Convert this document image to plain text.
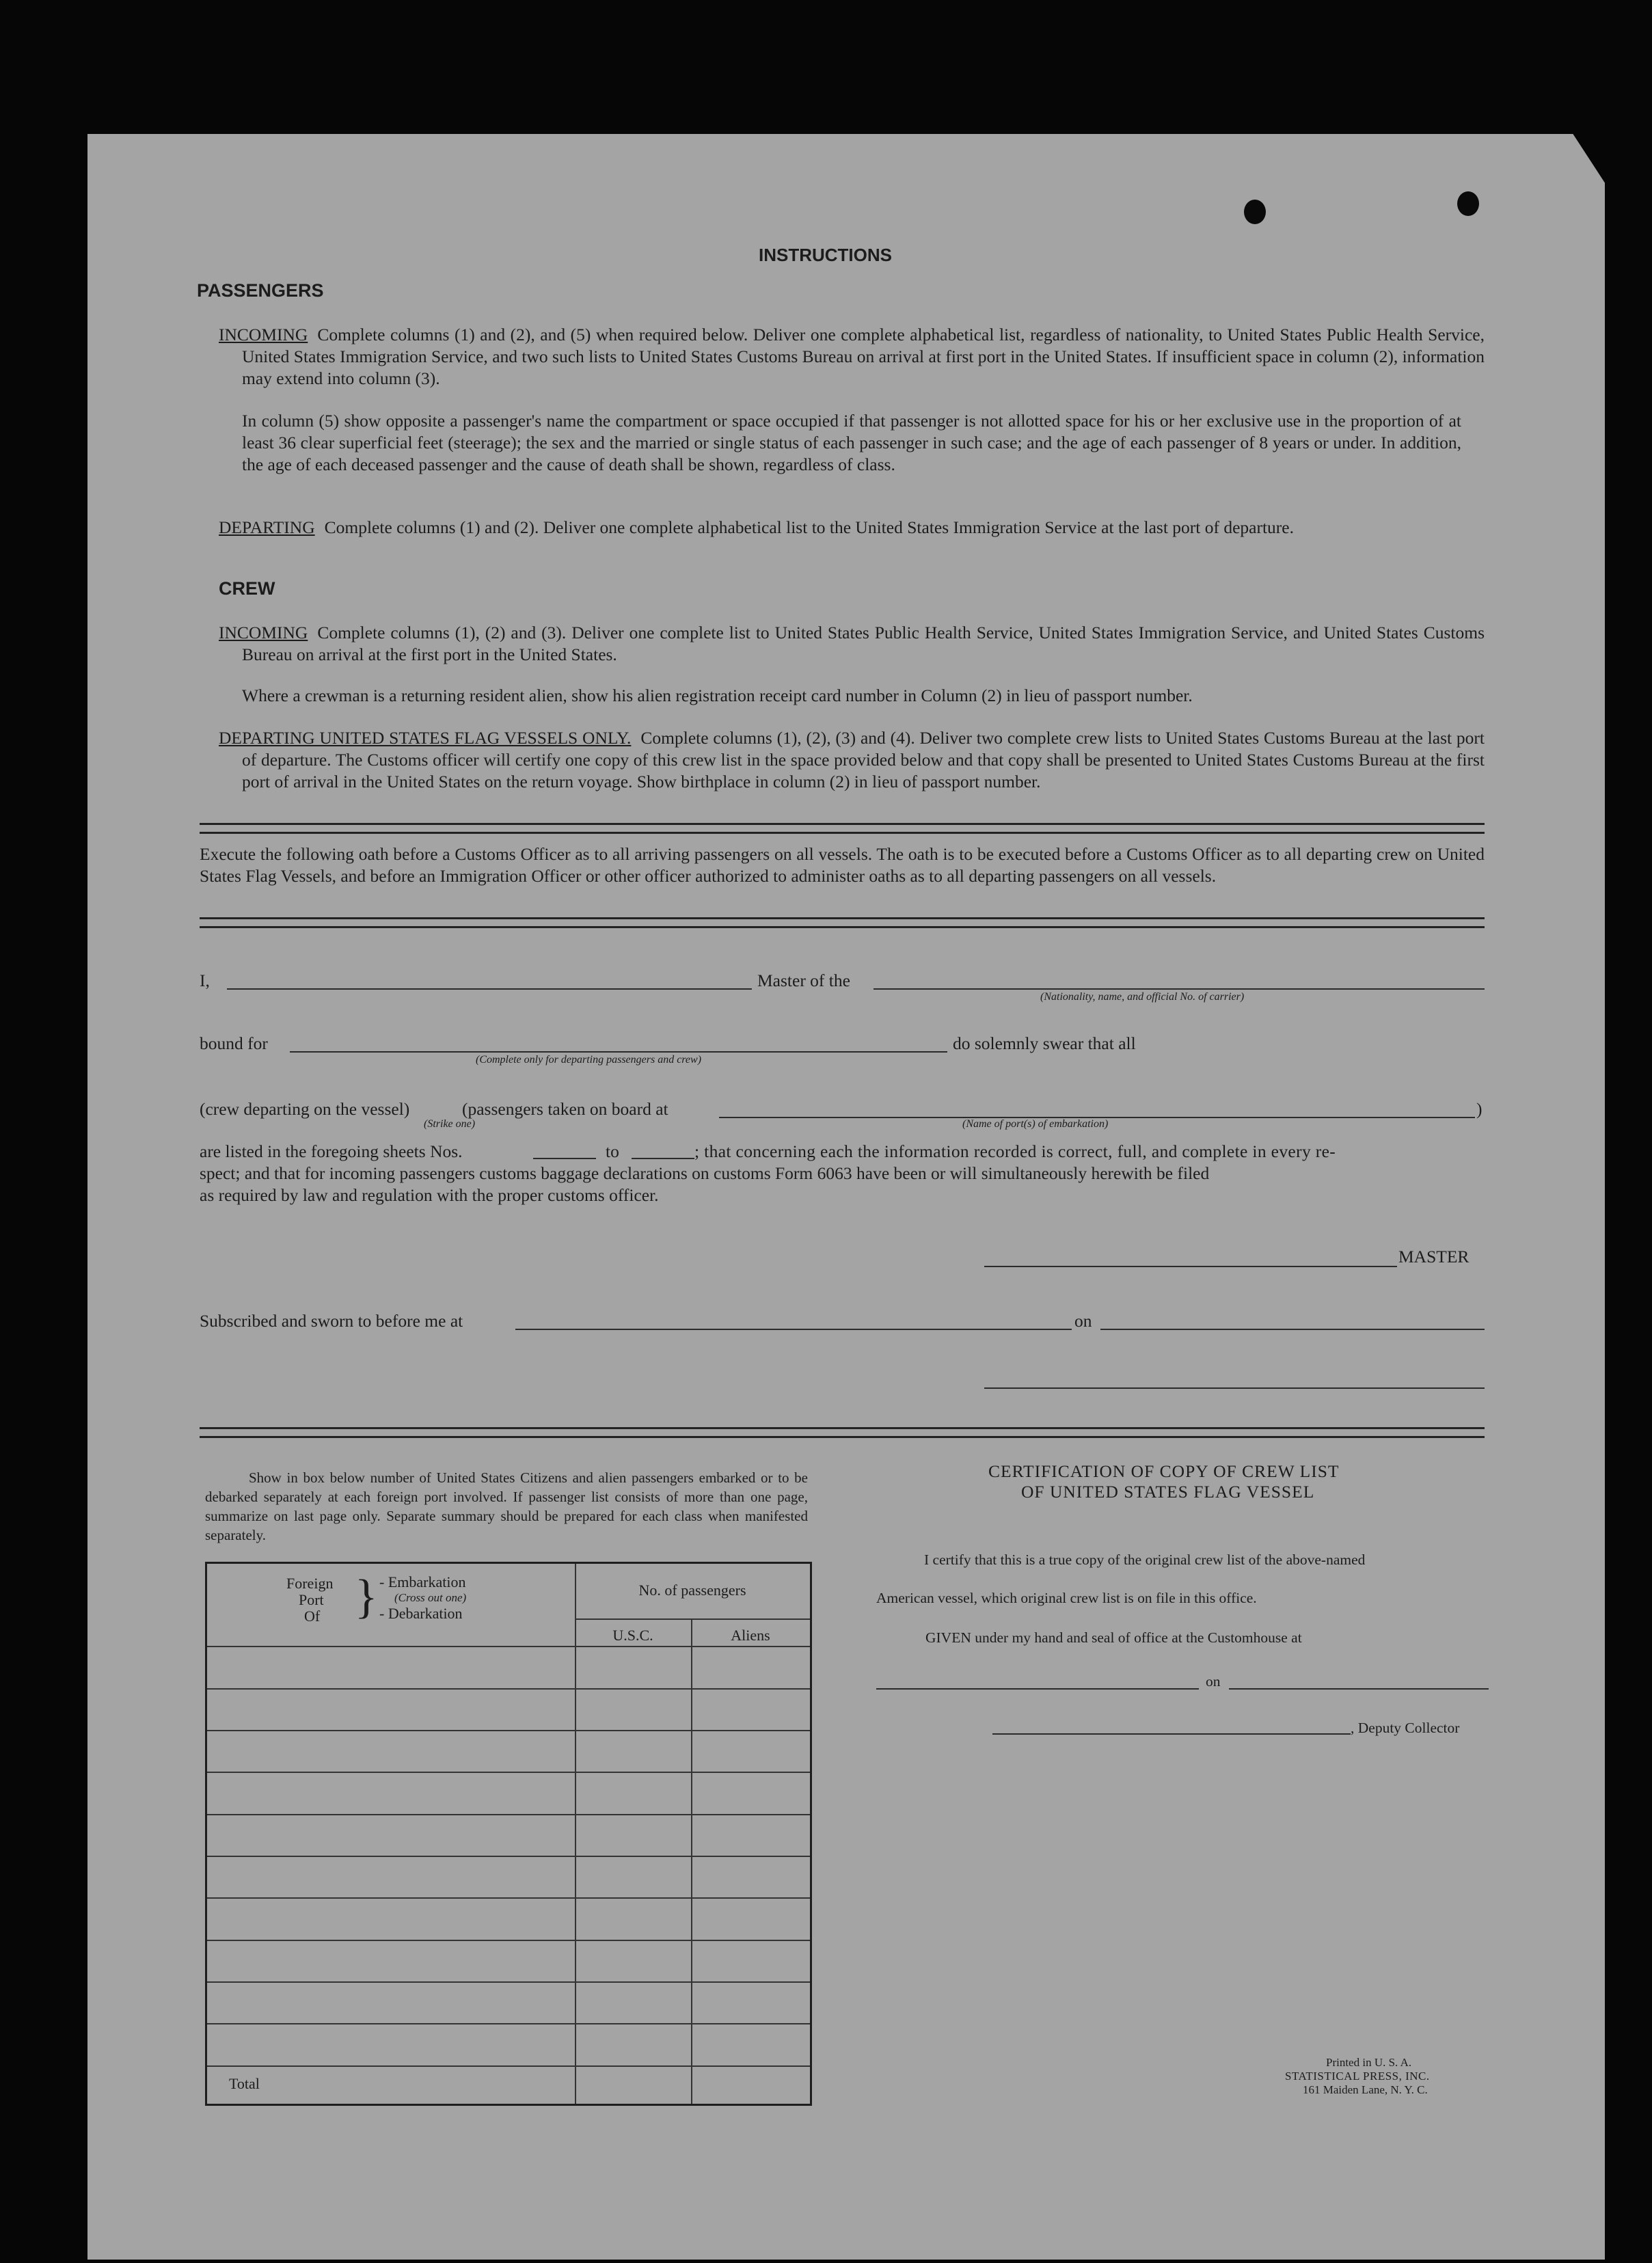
INSTRUCTIONS
PASSENGERS
INCOMING Complete columns (1) and (2), and (5) when required below. Deliver one complete alphabetical list, regardless of nationality, to United States Public Health Service, United States Immigration Service, and two such lists to United States Customs Bureau on arrival at first port in the United States. If insufficient space in column (2), information may extend into column (3).
In column (5) show opposite a passenger's name the compartment or space occupied if that passenger is not allotted space for his or her exclusive use in the proportion of at least 36 clear superficial feet (steerage); the sex and the married or single status of each passenger in such case; and the age of each passenger of 8 years or under. In addition, the age of each deceased passenger and the cause of death shall be shown, regardless of class.
DEPARTING Complete columns (1) and (2). Deliver one complete alphabetical list to the United States Immigration Service at the last port of departure.
CREW
INCOMING Complete columns (1), (2) and (3). Deliver one complete list to United States Public Health Service, United States Immigration Service, and United States Customs Bureau on arrival at the first port in the United States.
Where a crewman is a returning resident alien, show his alien registration receipt card number in Column (2) in lieu of passport number.
DEPARTING UNITED STATES FLAG VESSELS ONLY. Complete columns (1), (2), (3) and (4). Deliver two complete crew lists to United States Customs Bureau at the last port of departure. The Customs officer will certify one copy of this crew list in the space provided below and that copy shall be presented to United States Customs Bureau at the first port of arrival in the United States on the return voyage. Show birthplace in column (2) in lieu of passport number.
Execute the following oath before a Customs Officer as to all arriving passengers on all vessels. The oath is to be executed before a Customs Officer as to all departing crew on United States Flag Vessels, and before an Immigration Officer or other officer authorized to administer oaths as to all departing passengers on all vessels.
I,	Master of the
(Nationality, name, and official No. of carrier)
bound for	do solemnly swear that all
(Complete only for departing passengers and crew)
(crew departing on the vessel)	(passengers taken on board at	)
(Strike one)	(Name of port(s) of embarkation)
are listed in the foregoing sheets Nos.	to	; that concerning each the information recorded is correct, full, and complete in every re-
spect; and that for incoming passengers customs baggage declarations on customs Form 6063 have been or will simultaneously herewith be filed
as required by law and regulation with the proper customs officer.
MASTER
Subscribed and sworn to before me at	on
Show in box below number of United States Citizens and alien passengers embarked or to be debarked separately at each foreign port involved. If passenger list consists of more than one page, summarize on last page only. Separate summary should be prepared for each class when manifested separately.
Foreign
Port
Of } - Embarkation
(Cross out one)
- Debarkation
No. of passengers
U.S.C.	Aliens
Total
CERTIFICATION OF COPY OF CREW LIST
OF UNITED STATES FLAG VESSEL
I certify that this is a true copy of the original crew list of the above-named
American vessel, which original crew list is on file in this office.
GIVEN under my hand and seal of office at the Customhouse at
on
, Deputy Collector
Printed in U. S. A.
STATISTICAL PRESS, INC.
161 Maiden Lane, N. Y. C.
